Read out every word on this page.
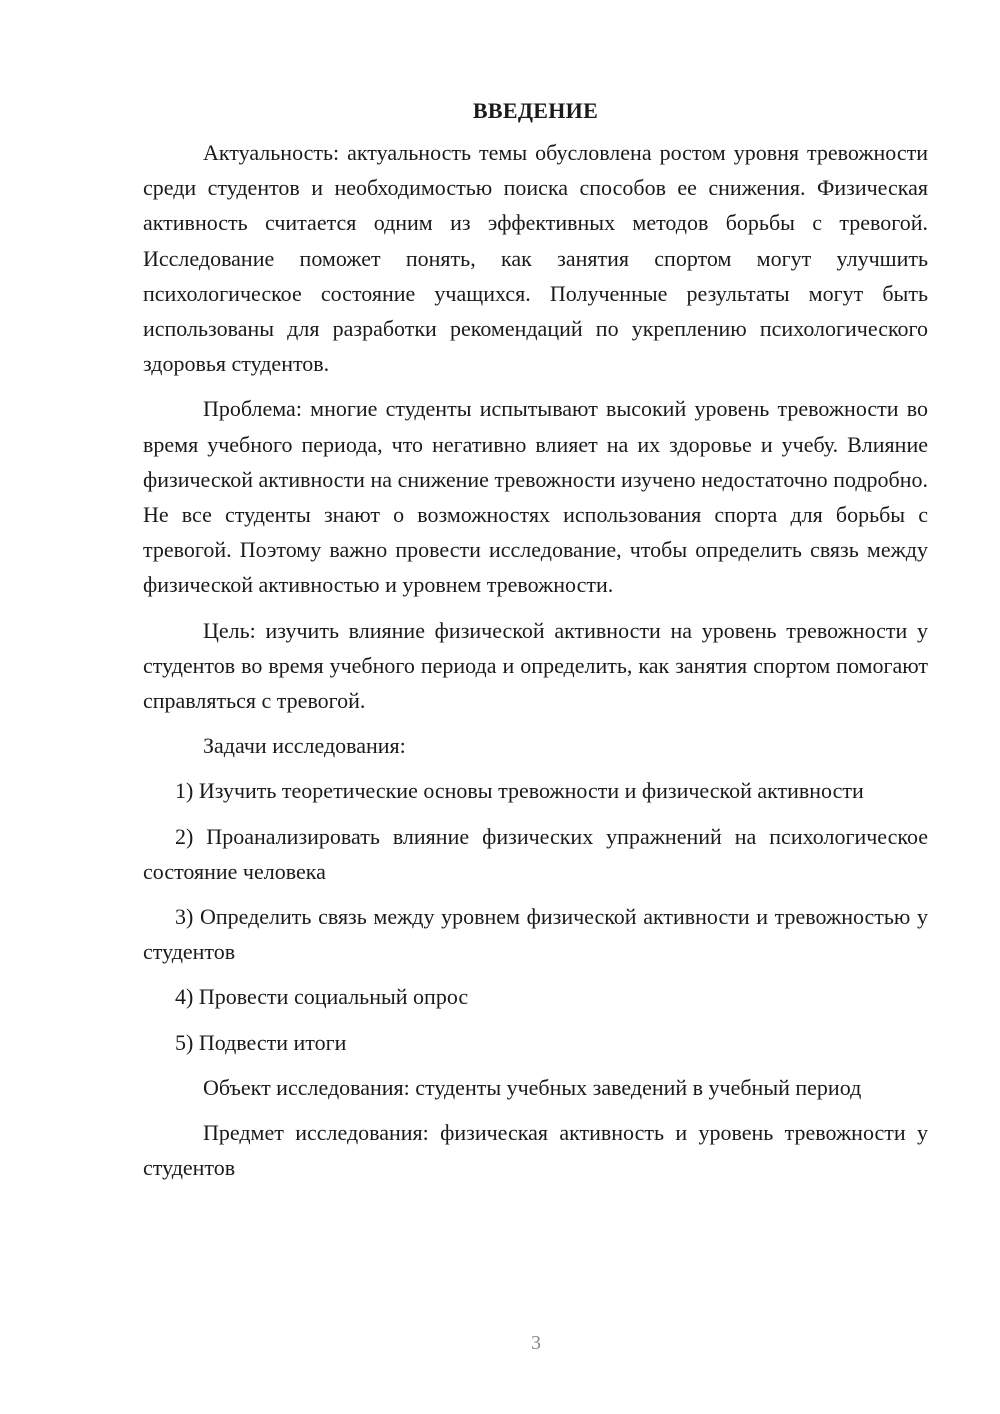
ВВЕДЕНИЕ

Актуальность: актуальность темы обусловлена ростом уровня тревожности среди студентов и необходимостью поиска способов ее снижения. Физическая активность считается одним из эффективных методов борьбы с тревогой. Исследование поможет понять, как занятия спортом могут улучшить психологическое состояние учащихся. Полученные результаты могут быть использованы для разработки рекомендаций по укреплению психологического здоровья студентов.

Проблема: многие студенты испытывают высокий уровень тревожности во время учебного периода, что негативно влияет на их здоровье и учебу. Влияние физической активности на снижение тревожности изучено недостаточно подробно. Не все студенты знают о возможностях использования спорта для борьбы с тревогой. Поэтому важно провести исследование, чтобы определить связь между физической активностью и уровнем тревожности.

Цель: изучить влияние физической активности на уровень тревожности у студентов во время учебного периода и определить, как занятия спортом помогают справляться с тревогой.

Задачи исследования:

1) Изучить теоретические основы тревожности и физической активности

2) Проанализировать влияние физических упражнений на психологическое состояние человека

3) Определить связь между уровнем физической активности и тревожностью у студентов

4) Провести социальный опрос

5) Подвести итоги

Объект исследования: студенты учебных заведений в учебный период

Предмет исследования: физическая активность и уровень тревожности у студентов

3
